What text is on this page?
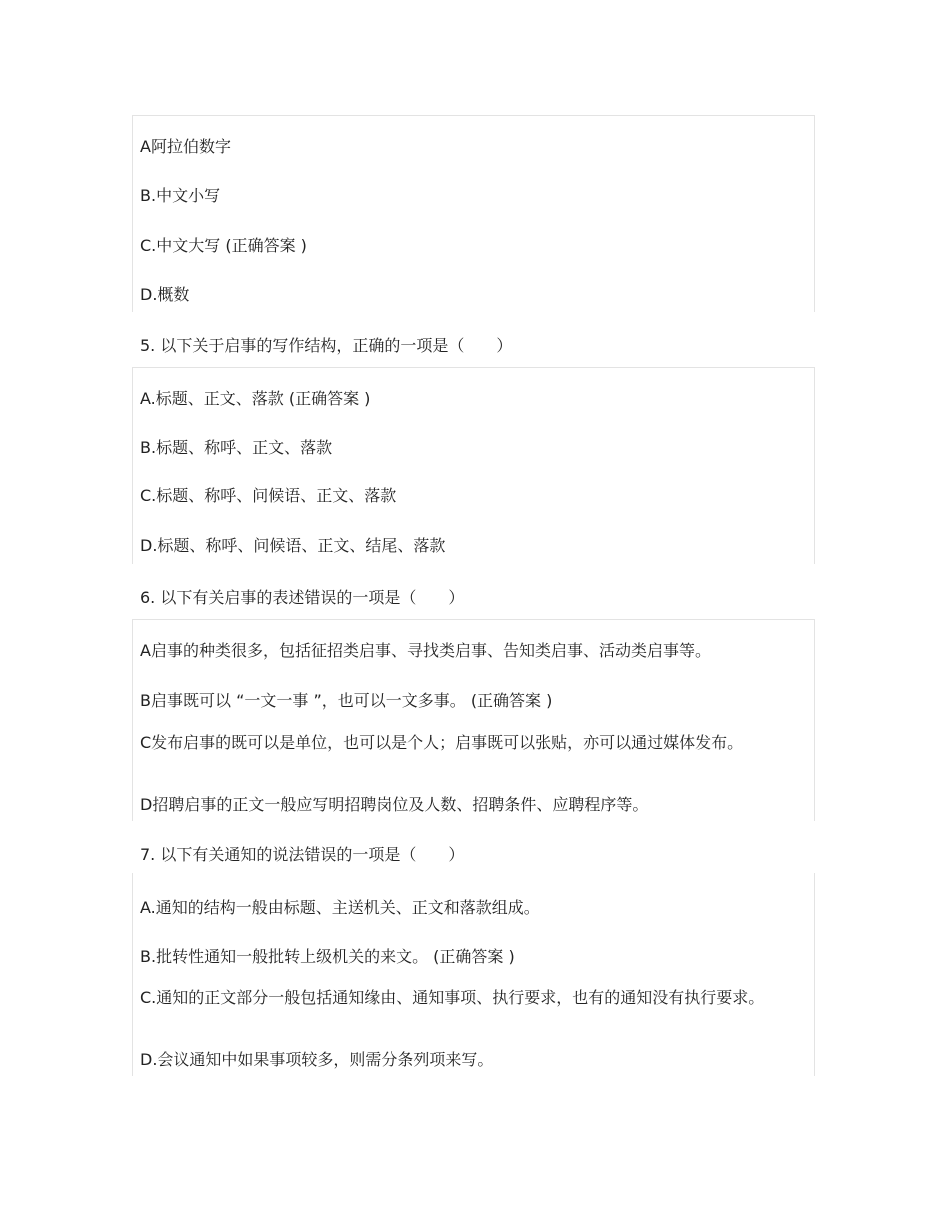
A阿拉伯数字
B.中文小写
C.中文大写 (正确答案 )
D.概数
5. 以下关于启事的写作结构，正确的一项是（　　）
A.标题、正文、落款 (正确答案 )
B.标题、称呼、正文、落款
C.标题、称呼、问候语、正文、落款
D.标题、称呼、问候语、正文、结尾、落款
6. 以下有关启事的表述错误的一项是（　　）
A启事的种类很多，包括征招类启事、寻找类启事、告知类启事、活动类启事等。
B启事既可以 “一文一事 ”，也可以一文多事。 (正确答案 )
C发布启事的既可以是单位，也可以是个人；启事既可以张贴，亦可以通过媒体发布。
D招聘启事的正文一般应写明招聘岗位及人数、招聘条件、应聘程序等。
7. 以下有关通知的说法错误的一项是（　　）
A.通知的结构一般由标题、主送机关、正文和落款组成。
B.批转性通知一般批转上级机关的来文。 (正确答案 )
C.通知的正文部分一般包括通知缘由、通知事项、执行要求，也有的通知没有执行要求。
D.会议通知中如果事项较多，则需分条列项来写。
